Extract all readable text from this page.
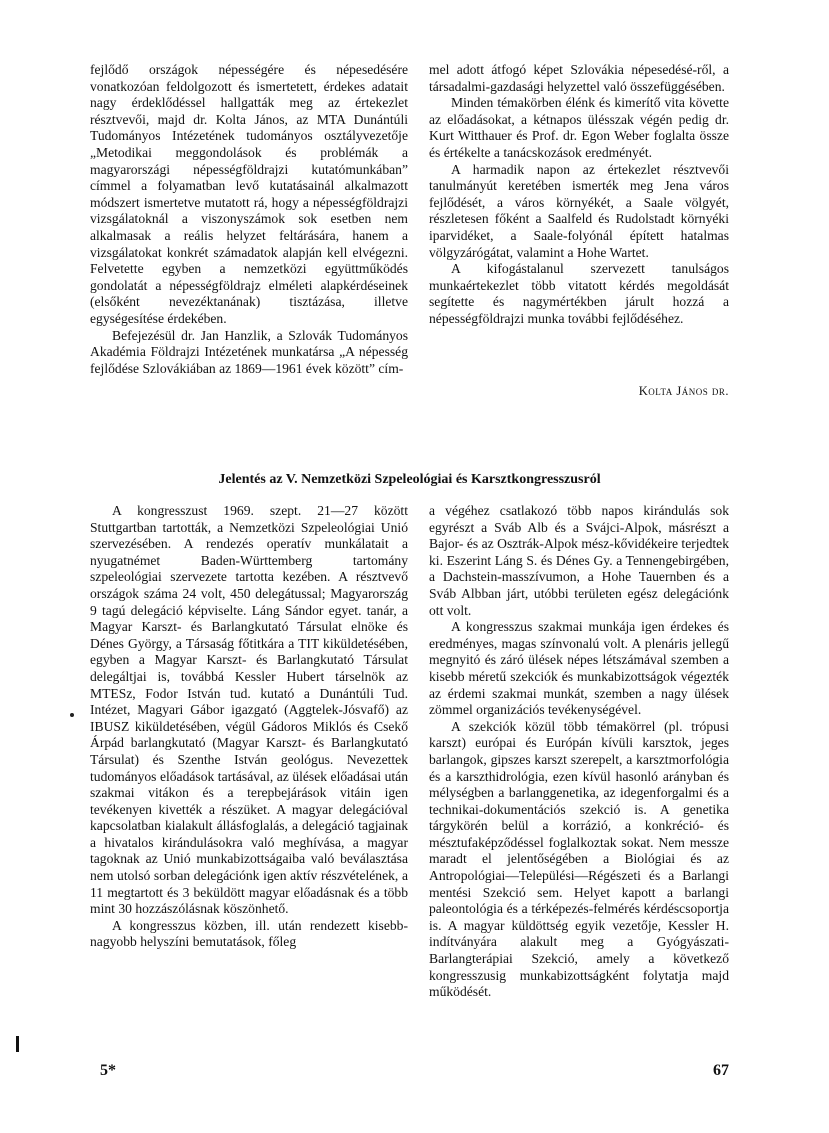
fejlődő országok népességére és népesedésére vonatkozóan feldolgozott és ismertetett, érdekes adatait nagy érdeklődéssel hallgatták meg az értekezlet résztvevői, majd dr. Kolta János, az MTA Dunántúli Tudományos Intézetének tudományos osztályvezetője „Metodikai meggondolások és problémák a magyarországi népességföldrajzi kutatómunkában” címmel a folyamatban levő kutatásainál alkalmazott módszert ismertetve mutatott rá, hogy a népességföldrajzi vizsgálatoknál a viszonyszámok sok esetben nem alkalmasak a reális helyzet feltárására, hanem a vizsgálatokat konkrét számadatok alapján kell elvégezni. Felvetette egyben a nemzetközi együttműködés gondolatát a népességföldrajz elméleti alapkérdéseinek (elsőként nevezéktanának) tisztázása, illetve egységesítése érdekében.

Befejezésül dr. Jan Hanzlik, a Szlovák Tudományos Akadémia Földrajzi Intézetének munkatársa „A népesség fejlődése Szlovákiában az 1869—1961 évek között” cím-

mel adott átfogó képet Szlovákia népesedésé-ről, a társadalmi-gazdasági helyzettel való összefüggésében.

Minden témakörben élénk és kimerítő vita követte az előadásokat, a kétnapos ülésszak végén pedig dr. Kurt Witthauer és Prof. dr. Egon Weber foglalta össze és értékelte a tanácskozások eredményét.

A harmadik napon az értekezlet résztvevői tanulmányút keretében ismerték meg Jena város fejlődését, a város környékét, a Saale völgyét, részletesen főként a Saalfeld és Rudolstadt környéki iparvidéket, a Saale-folyónál épített hatalmas völgyzárógátat, valamint a Hohe Wartet.

A kifogástalanul szervezett tanulságos munkaértekezlet több vitatott kérdés megoldását segítette és nagymértékben járult hozzá a népességföldrajzi munka további fejlődéséhez.

Kolta János dr.
Jelentés az V. Nemzetközi Szpeleológiai és Karsztkongresszusról

A kongresszust 1969. szept. 21—27 között Stuttgartban tartották, a Nemzetközi Szpeleológiai Unió szervezésében. A rendezés operatív munkálatait a nyugatnémet Baden-Württemberg tartomány szpeleológiai szervezete tartotta kezében. A résztvevő országok száma 24 volt, 450 delegátussal; Magyarország 9 tagú delegáció képviselte. Láng Sándor egyet. tanár, a Magyar Karszt- és Barlangkutató Társulat elnöke és Dénes György, a Társaság főtitkára a TIT kiküldetésében, egyben a Magyar Karszt- és Barlangkutató Társulat delegáltjai is, továbbá Kessler Hubert társelnök az MTESz, Fodor István tud. kutató a Dunántúli Tud. Intézet, Magyari Gábor igazgató (Aggtelek-Jósvafő) az IBUSZ kiküldetésében, végül Gádoros Miklós és Csekő Árpád barlangkutató (Magyar Karszt- és Barlangkutató Társulat) és Szenthe István geológus. Nevezettek tudományos előadások tartásával, az ülések előadásai után szakmai vitákon és a terepbejárások vitáin igen tevékenyen kivették a részüket. A magyar delegációval kapcsolatban kialakult állásfoglalás, a delegáció tagjainak a hivatalos kirándulásokra való meghívása, a magyar tagoknak az Unió munkabizottságaiba való beválasztása nem utolsó sorban delegációnk igen aktív részvételének, a 11 megtartott és 3 beküldött magyar előadásnak és a több mint 30 hozzászólásnak köszönhető.

A kongresszus közben, ill. után rendezett kisebb-nagyobb helyszíni bemutatások, főleg

a végéhez csatlakozó több napos kirándulás sok egyrészt a Sváb Alb és a Svájci-Alpok, másrészt a Bajor- és az Osztrák-Alpok mész-kővidékeire terjedtek ki. Eszerint Láng S. és Dénes Gy. a Tennengebirgében, a Dachstein-masszívumon, a Hohe Tauernben és a Sváb Albban járt, utóbbi területen egész delegációnk ott volt.

A kongresszus szakmai munkája igen érdekes és eredményes, magas színvonalú volt. A plenáris jellegű megnyitó és záró ülések népes létszámával szemben a kisebb méretű szekciók és munkabizottságok végezték az érdemi szakmai munkát, szemben a nagy ülések zömmel organizációs tevékenységével.

A szekciók közül több témakörrel (pl. trópusi karszt) európai és Európán kívüli karsztok, jeges barlangok, gipszes karszt szerepelt, a karsztmorfológia és a karszthidrológia, ezen kívül hasonló arányban és mélységben a barlanggenetika, az idegenforgalmi és a technikai-dokumentációs szekció is. A genetika tárgykörén belül a korrázió, a konkréció- és mésztufaképződéssel foglalkoztak sokat. Nem messze maradt el jelentőségében a Biológiai és az Antropológiai—Települési—Régészeti és a Barlangi mentési Szekció sem. Helyet kapott a barlangi paleontológia és a térképezés-felmérés kérdéscsoportja is. A magyar küldöttség egyik vezetője, Kessler H. indítványára alakult meg a Gyógyászati-Barlangterápiai Szekció, amely a következő kongresszusig munkabizottságként folytatja majd működését.

5*	67
